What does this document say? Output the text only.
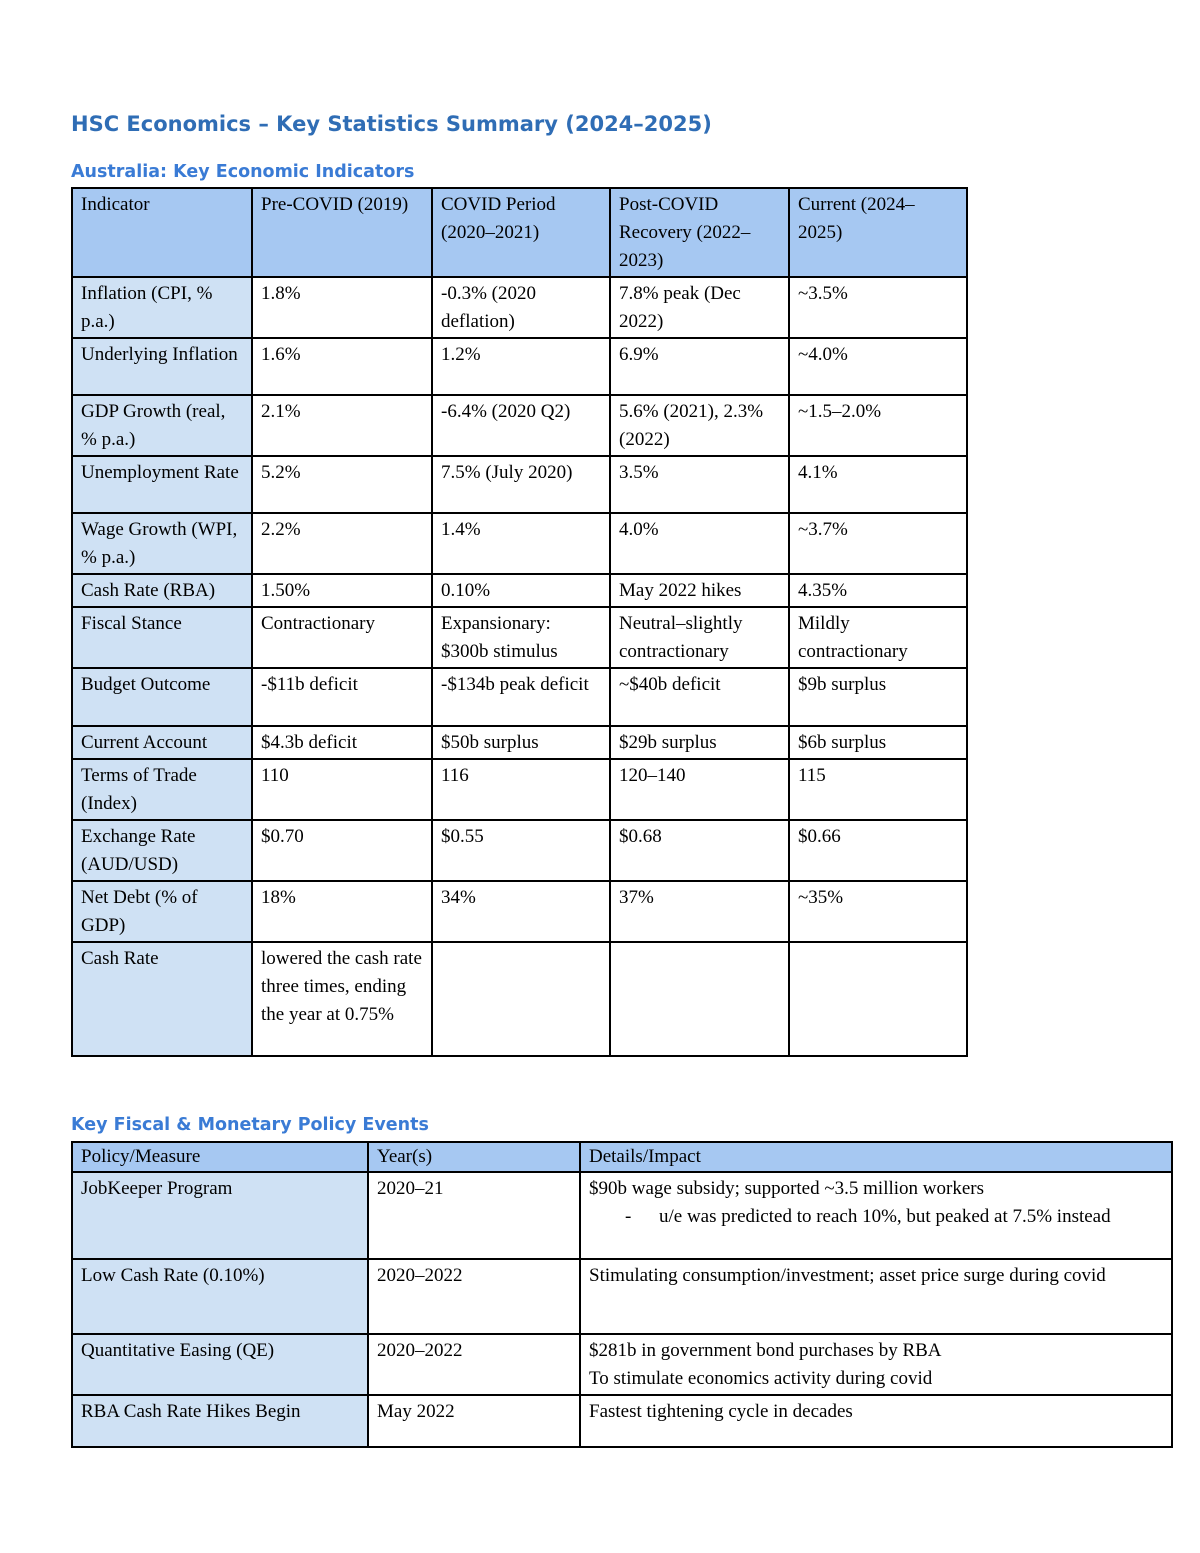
HSC Economics – Key Statistics Summary (2024–2025)
Australia: Key Economic Indicators
Indicator	Pre-COVID (2019)	COVID Period (2020–2021)	Post-COVID Recovery (2022–2023)	Current (2024–2025)
Inflation (CPI, % p.a.)	1.8%	-0.3% (2020 deflation)	7.8% peak (Dec 2022)	~3.5%
Underlying Inflation	1.6%	1.2%	6.9%	~4.0%
GDP Growth (real, % p.a.)	2.1%	-6.4% (2020 Q2)	5.6% (2021), 2.3% (2022)	~1.5–2.0%
Unemployment Rate	5.2%	7.5% (July 2020)	3.5%	4.1%
Wage Growth (WPI, % p.a.)	2.2%	1.4%	4.0%	~3.7%
Cash Rate (RBA)	1.50%	0.10%	May 2022 hikes	4.35%
Fiscal Stance	Contractionary	Expansionary: $300b stimulus	Neutral–slightly contractionary	Mildly contractionary
Budget Outcome	-$11b deficit	-$134b peak deficit	~$40b deficit	$9b surplus
Current Account	$4.3b deficit	$50b surplus	$29b surplus	$6b surplus
Terms of Trade (Index)	110	116	120–140	115
Exchange Rate (AUD/USD)	$0.70	$0.55	$0.68	$0.66
Net Debt (% of GDP)	18%	34%	37%	~35%
Cash Rate	lowered the cash rate three times, ending the year at 0.75%			
Key Fiscal & Monetary Policy Events
Policy/Measure	Year(s)	Details/Impact
JobKeeper Program	2020–21	$90b wage subsidy; supported ~3.5 million workers
- u/e was predicted to reach 10%, but peaked at 7.5% instead

Low Cash Rate (0.10%)	2020–2022	Stimulating consumption/investment; asset price surge during covid

Quantitative Easing (QE)	2020–2022	$281b in government bond purchases by RBA
To stimulate economics activity during covid

RBA Cash Rate Hikes Begin	May 2022	Fastest tightening cycle in decades
